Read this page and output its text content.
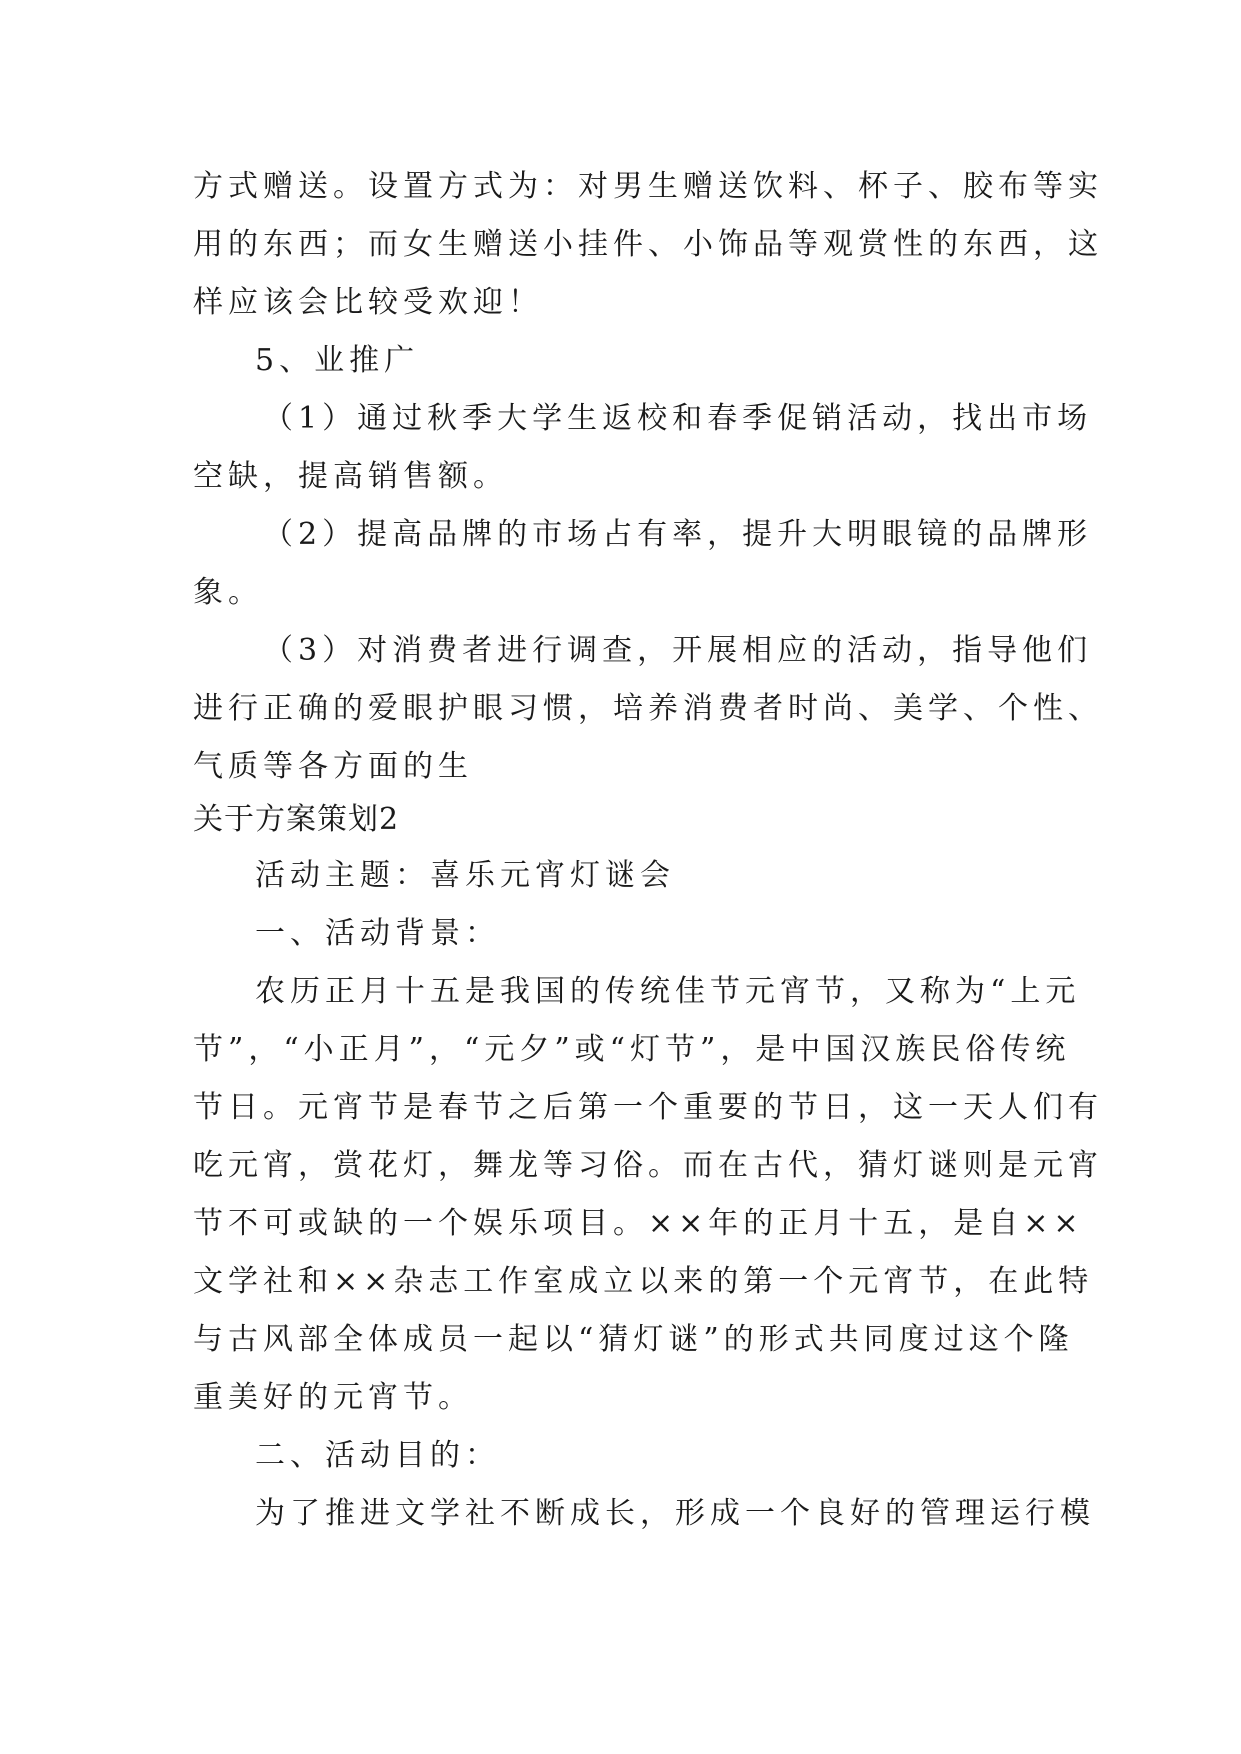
方式赠送。设置方式为：对男生赠送饮料、杯子、胶布等实
用的东西；而女生赠送小挂件、小饰品等观赏性的东西，这
样应该会比较受欢迎！
5、业推广
（1）通过秋季大学生返校和春季促销活动，找出市场
空缺，提高销售额。
（2）提高品牌的市场占有率，提升大明眼镜的品牌形
象。
（3）对消费者进行调查，开展相应的活动，指导他们
进行正确的爱眼护眼习惯，培养消费者时尚、美学、个性、
气质等各方面的生
关于方案策划2
活动主题：喜乐元宵灯谜会
一、活动背景：
农历正月十五是我国的传统佳节元宵节，又称为“上元
节”，“小正月”，“元夕”或“灯节”，是中国汉族民俗传统
节日。元宵节是春节之后第一个重要的节日，这一天人们有
吃元宵，赏花灯，舞龙等习俗。而在古代，猜灯谜则是元宵
节不可或缺的一个娱乐项目。××年的正月十五，是自××
文学社和××杂志工作室成立以来的第一个元宵节，在此特
与古风部全体成员一起以“猜灯谜”的形式共同度过这个隆
重美好的元宵节。
二、活动目的：
为了推进文学社不断成长，形成一个良好的管理运行模
